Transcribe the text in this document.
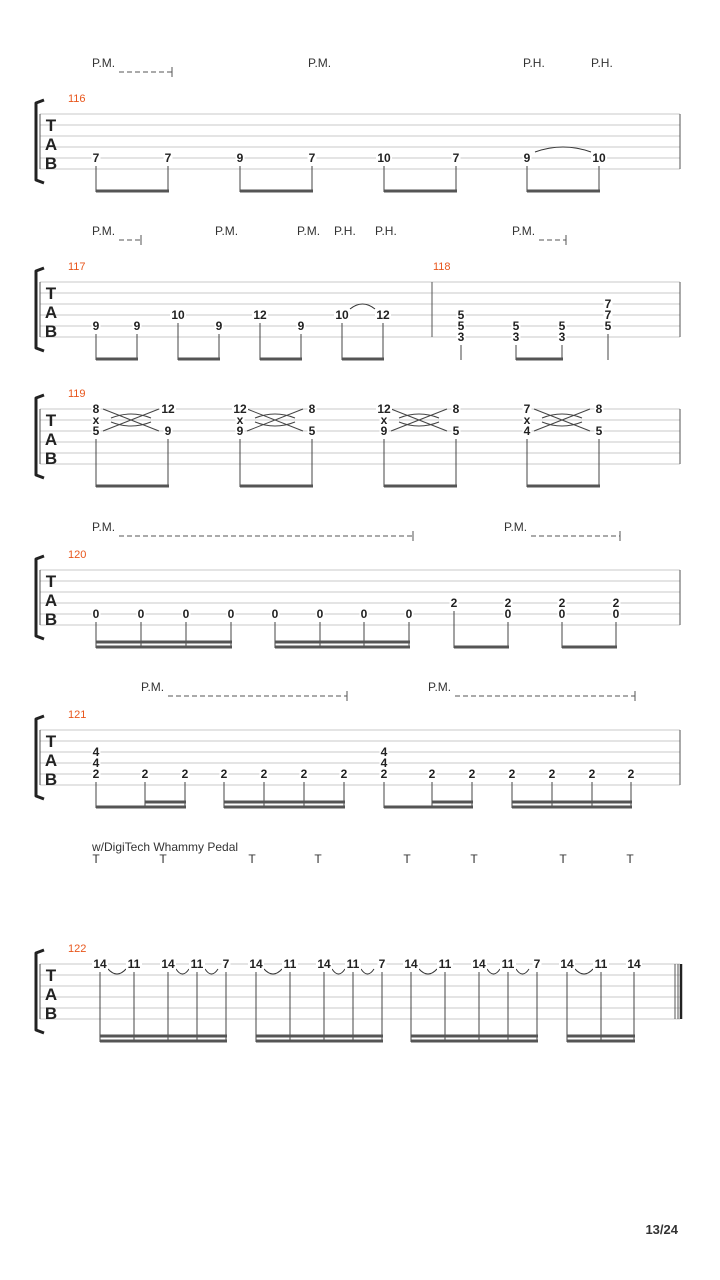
T
A
B
116
P.M.	P.M.	P.H.	P.H.
7	7	9	7	10	7	9	10
T
A
B
117	118
P.M.	P.M.	P.M. P.H. P.H.	P.M.
9	9
10
9
12
9
10 12	5
5
3
5
3
5
3
7
7
5
T
A
B
119
8
x
5
12
9
12
x
9
8
5
12
x
9
8
5
7
x
4
8
5
T
A
B
120
P.M.	P.M.
0	0	0	0	0	0	0	0
2	2
0
2
0
2
0
T
A
B
121
P.M.	P.M.
4
4
2	2	2	2	2	2	2
4
4
2	2	2	2	2	2	2
T
A
B
122
w/DigiTech Whammy Pedal
T	T	T	T	T	T	T	T
14 11 14 11 7 14 11 14 11 7 14 11 14 11 7 14 11 14
13/24
